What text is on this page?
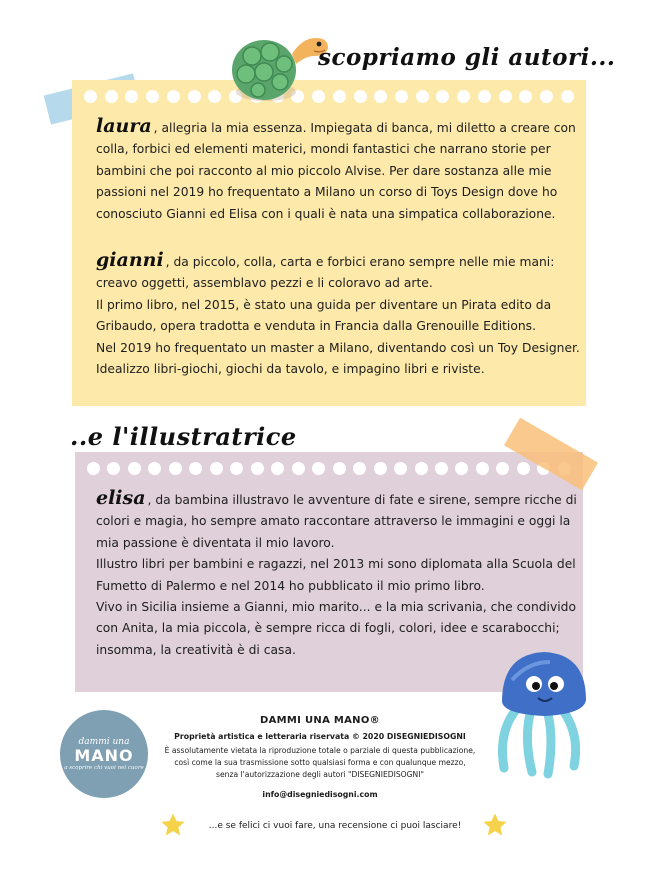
scopriamo gli autori...
laura , allegria la mia essenza. Impiegata di banca, mi diletto a creare con
colla, forbici ed elementi materici, mondi fantastici che narrano storie per
bambini che poi racconto al mio piccolo Alvise. Per dare sostanza alle mie
passioni nel 2019 ho frequentato a Milano un corso di Toys Design dove ho
conosciuto Gianni ed Elisa con i quali è nata una simpatica collaborazione.
gianni , da piccolo, colla, carta e forbici erano sempre nelle mie mani:
creavo oggetti, assemblavo pezzi e li coloravo ad arte.
Il primo libro, nel 2015, è stato una guida per diventare un Pirata edito da
Gribaudo, opera tradotta e venduta in Francia dalla Grenouille Editions.
Nel 2019 ho frequentato un master a Milano, diventando così un Toy Designer.
Idealizzo libri-giochi, giochi da tavolo, e impagino libri e riviste.
..e l'illustratrice
elisa , da bambina illustravo le avventure di fate e sirene, sempre ricche di
colori e magia, ho sempre amato raccontare attraverso le immagini e oggi la
mia passione è diventata il mio lavoro.
Illustro libri per bambini e ragazzi, nel 2013 mi sono diplomata alla Scuola del
Fumetto di Palermo e nel 2014 ho pubblicato il mio primo libro.
Vivo in Sicilia insieme a Gianni, mio marito... e la mia scrivania, che condivido
con Anita, la mia piccola, è sempre ricca di fogli, colori, idee e scarabocchi;
insomma, la creatività è di casa.
dammi una
MANO
a scoprire chi vuoi nel cuore
DAMMI UNA MANO®
Proprietà artistica e letteraria riservata © 2020 DISEGNIEDISOGNI
È assolutamente vietata la riproduzione totale o parziale di questa pubblicazione,
così come la sua trasmissione sotto qualsiasi forma e con qualunque mezzo,
senza l'autorizzazione degli autori "DISEGNIEDISOGNI"
info@disegniedisogni.com
...e se felici ci vuoi fare, una recensione ci puoi lasciare!
